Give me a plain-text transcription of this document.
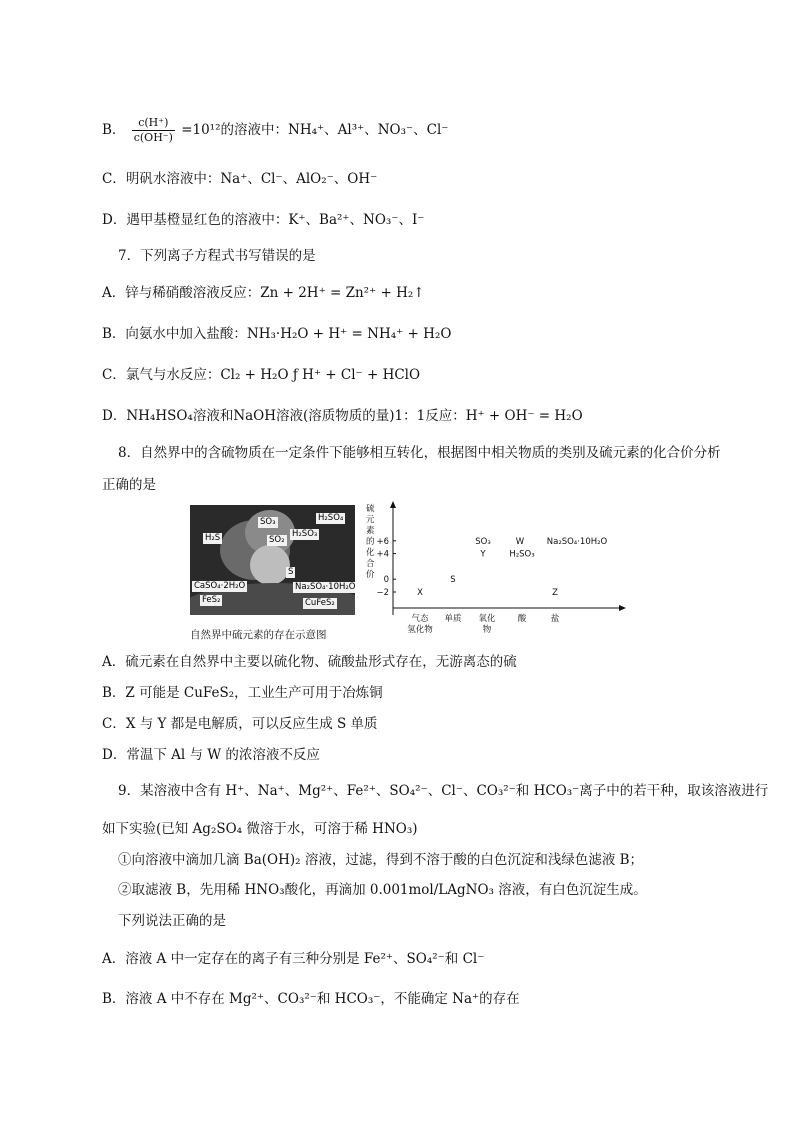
B． $\frac{c(H^+)}{c(OH^-)} =10^{12}$的溶液中：NH₄⁺、Al³⁺、NO₃⁻、Cl⁻
C．明矾水溶液中：Na⁺、Cl⁻、AlO₂⁻、OH⁻
D．遇甲基橙显红色的溶液中：K⁺、Ba²⁺、NO₃⁻、I⁻
7．下列离子方程式书写错误的是
A．锌与稀硝酸溶液反应：Zn + 2H⁺ = Zn²⁺ + H₂↑
B．向氨水中加入盐酸：NH₃·H₂O + H⁺ = NH₄⁺ + H₂O
C．氯气与水反应：Cl₂ + H₂O ƒ H⁺ + Cl⁻ + HClO
D．NH₄HSO₄溶液和NaOH溶液(溶质物质的量)1：1反应：H⁺ + OH⁻ = H₂O
8．自然界中的含硫物质在一定条件下能够相互转化，根据图中相关物质的类别及硫元素的化合价分析
正确的是
SO₃	H₂SO₄
H₂S	H₂SO₃
SO₂
S
CaSO₄·2H₂O	Na₂SO₄·10H₂O
FeS₂	CuFeS₂
自然界中硫元素的存在示意图
硫
元
素
的
化
合
价
+6
+4
0
−2
气态
氢化物
单质 氧化
物
酸	盐
X
S
SO₃
Y
W
H₂SO₃
Na₂SO₄·10H₂O
Z
A．硫元素在自然界中主要以硫化物、硫酸盐形式存在，无游离态的硫
B．Z 可能是 CuFeS₂，工业生产可用于冶炼铜
C．X 与 Y 都是电解质，可以反应生成 S 单质
D．常温下 Al 与 W 的浓溶液不反应
9．某溶液中含有 H⁺、Na⁺、Mg²⁺、Fe²⁺、SO₄²⁻、Cl⁻、CO₃²⁻和 HCO₃⁻离子中的若干种，取该溶液进行
如下实验(已知 Ag₂SO₄ 微溶于水，可溶于稀 HNO₃)
①向溶液中滴加几滴 Ba(OH)₂ 溶液，过滤，得到不溶于酸的白色沉淀和浅绿色滤液 B；
②取滤液 B，先用稀 HNO₃酸化，再滴加 0.001mol/LAgNO₃ 溶液，有白色沉淀生成。
下列说法正确的是
A．溶液 A 中一定存在的离子有三种分别是 Fe²⁺、SO₄²⁻和 Cl⁻
B．溶液 A 中不存在 Mg²⁺、CO₃²⁻和 HCO₃⁻，不能确定 Na⁺的存在
